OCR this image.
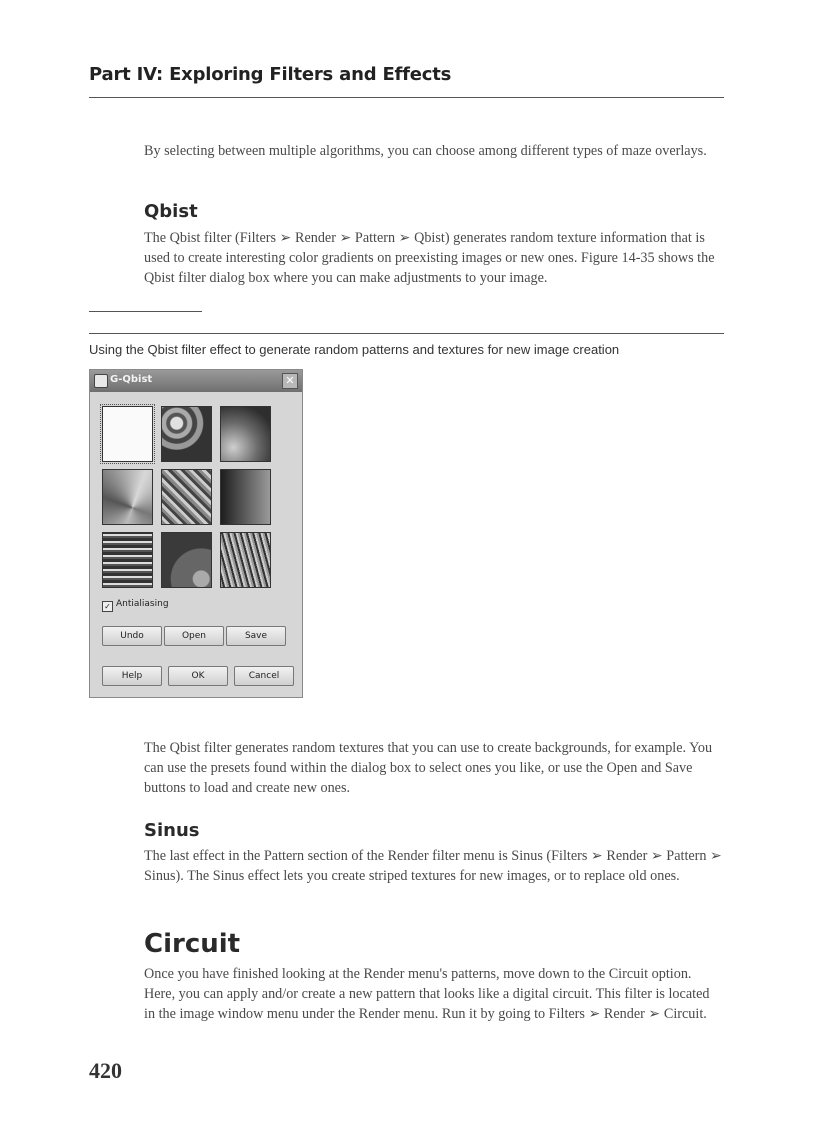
Part IV: Exploring Filters and Effects
By selecting between multiple algorithms, you can choose among different types of maze overlays.
Qbist
The Qbist filter (Filters ➢ Render ➢ Pattern ➢ Qbist) generates random texture information that is used to create interesting color gradients on preexisting images or new ones. Figure 14-35 shows the Qbist filter dialog box where you can make adjustments to your image.
Using the Qbist filter effect to generate random patterns and textures for new image creation
G-Qbist	✕
✓ Antialiasing
Undo	Open	Save
Help	OK	Cancel
The Qbist filter generates random textures that you can use to create backgrounds, for example. You can use the presets found within the dialog box to select ones you like, or use the Open and Save buttons to load and create new ones.
Sinus
The last effect in the Pattern section of the Render filter menu is Sinus (Filters ➢ Render ➢ Pattern ➢ Sinus). The Sinus effect lets you create striped textures for new images, or to replace old ones.
Circuit
Once you have finished looking at the Render menu's patterns, move down to the Circuit option. Here, you can apply and/or create a new pattern that looks like a digital circuit. This filter is located in the image window menu under the Render menu. Run it by going to Filters ➢ Render ➢ Circuit.
420
